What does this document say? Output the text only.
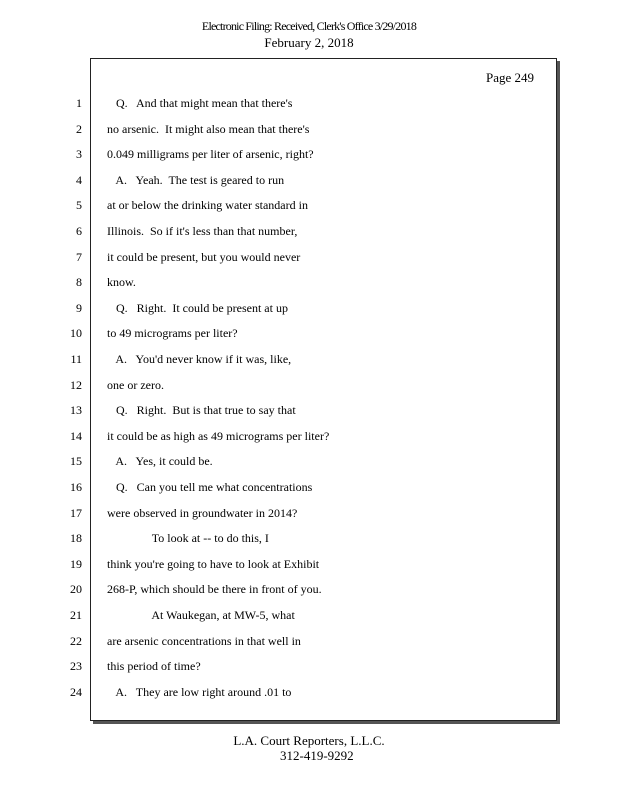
Electronic Filing: Received, Clerk's Office 3/29/2018
February 2, 2018
Page 249
1 Q.   And that might mean that there's
2 no arsenic.  It might also mean that there's
3 0.049 milligrams per liter of arsenic, right?
4 A.   Yeah.  The test is geared to run
5 at or below the drinking water standard in
6 Illinois.  So if it's less than that number,
7 it could be present, but you would never
8 know.
9 Q.   Right.  It could be present at up
10 to 49 micrograms per liter?
11 A.   You'd never know if it was, like,
12 one or zero.
13 Q.   Right.  But is that true to say that
14 it could be as high as 49 micrograms per liter?
15 A.   Yes, it could be.
16 Q.   Can you tell me what concentrations
17 were observed in groundwater in 2014?
18 To look at -- to do this, I
19 think you're going to have to look at Exhibit
20 268-P, which should be there in front of you.
21 At Waukegan, at MW-5, what
22 are arsenic concentrations in that well in
23 this period of time?
24 A.   They are low right around .01 to
L.A. Court Reporters, L.L.C.
312-419-9292
